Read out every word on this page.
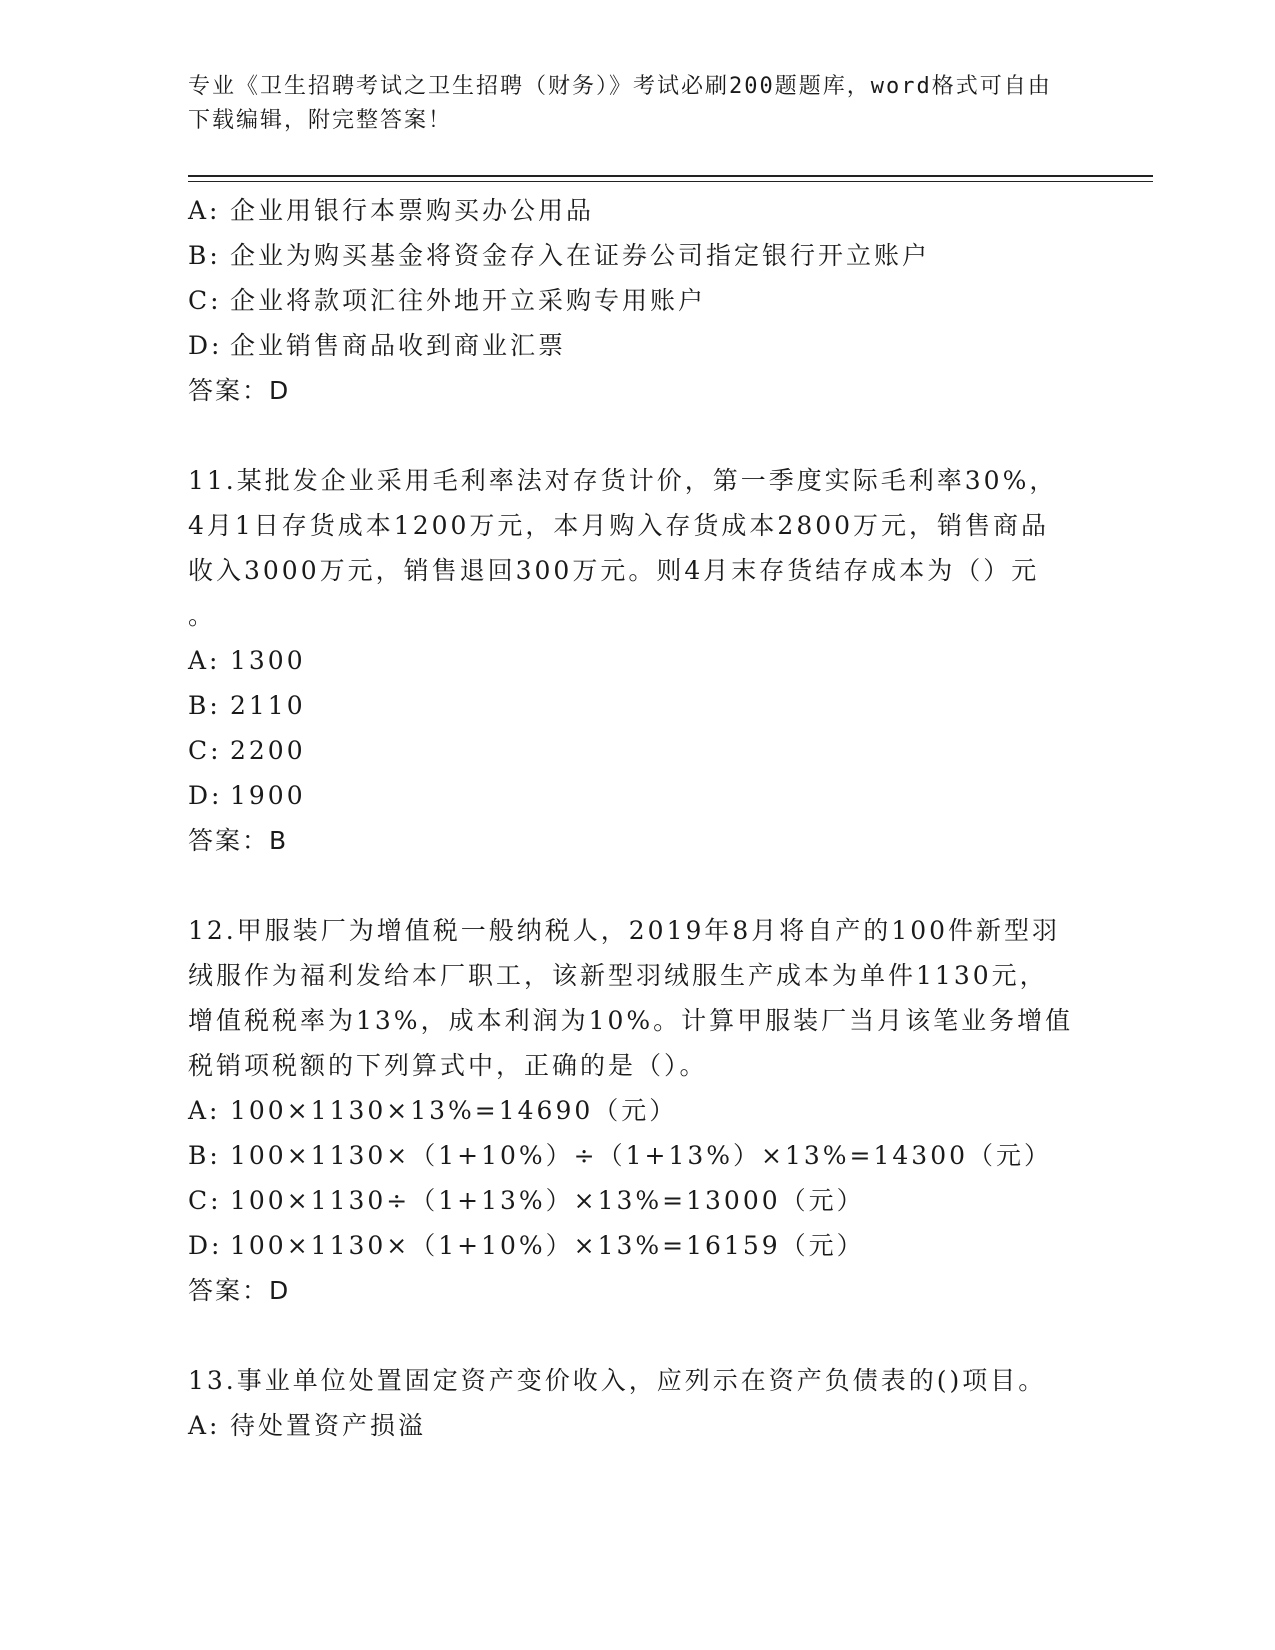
专业《卫生招聘考试之卫生招聘（财务）》考试必刷200题题库，word格式可自由下载编辑，附完整答案！
A: 企业用银行本票购买办公用品
B: 企业为购买基金将资金存入在证券公司指定银行开立账户
C: 企业将款项汇往外地开立采购专用账户
D: 企业销售商品收到商业汇票
答案：D
11.某批发企业采用毛利率法对存货计价，第一季度实际毛利率30%，
4月1日存货成本1200万元，本月购入存货成本2800万元，销售商品
收入3000万元，销售退回300万元。则4月末存货结存成本为（）元
。
A: 1300
B: 2110
C: 2200
D: 1900
答案：B
12.甲服装厂为增值税一般纳税人，2019年8月将自产的100件新型羽
绒服作为福利发给本厂职工，该新型羽绒服生产成本为单件1130元，
增值税税率为13%，成本利润为10%。计算甲服装厂当月该笔业务增值
税销项税额的下列算式中，正确的是（）。
A: 100×1130×13%=14690（元）
B: 100×1130×（1+10%）÷（1+13%）×13%=14300（元）
C: 100×1130÷（1+13%）×13%=13000（元）
D: 100×1130×（1+10%）×13%=16159（元）
答案：D
13.事业单位处置固定资产变价收入，应列示在资产负债表的()项目。
A: 待处置资产损溢
